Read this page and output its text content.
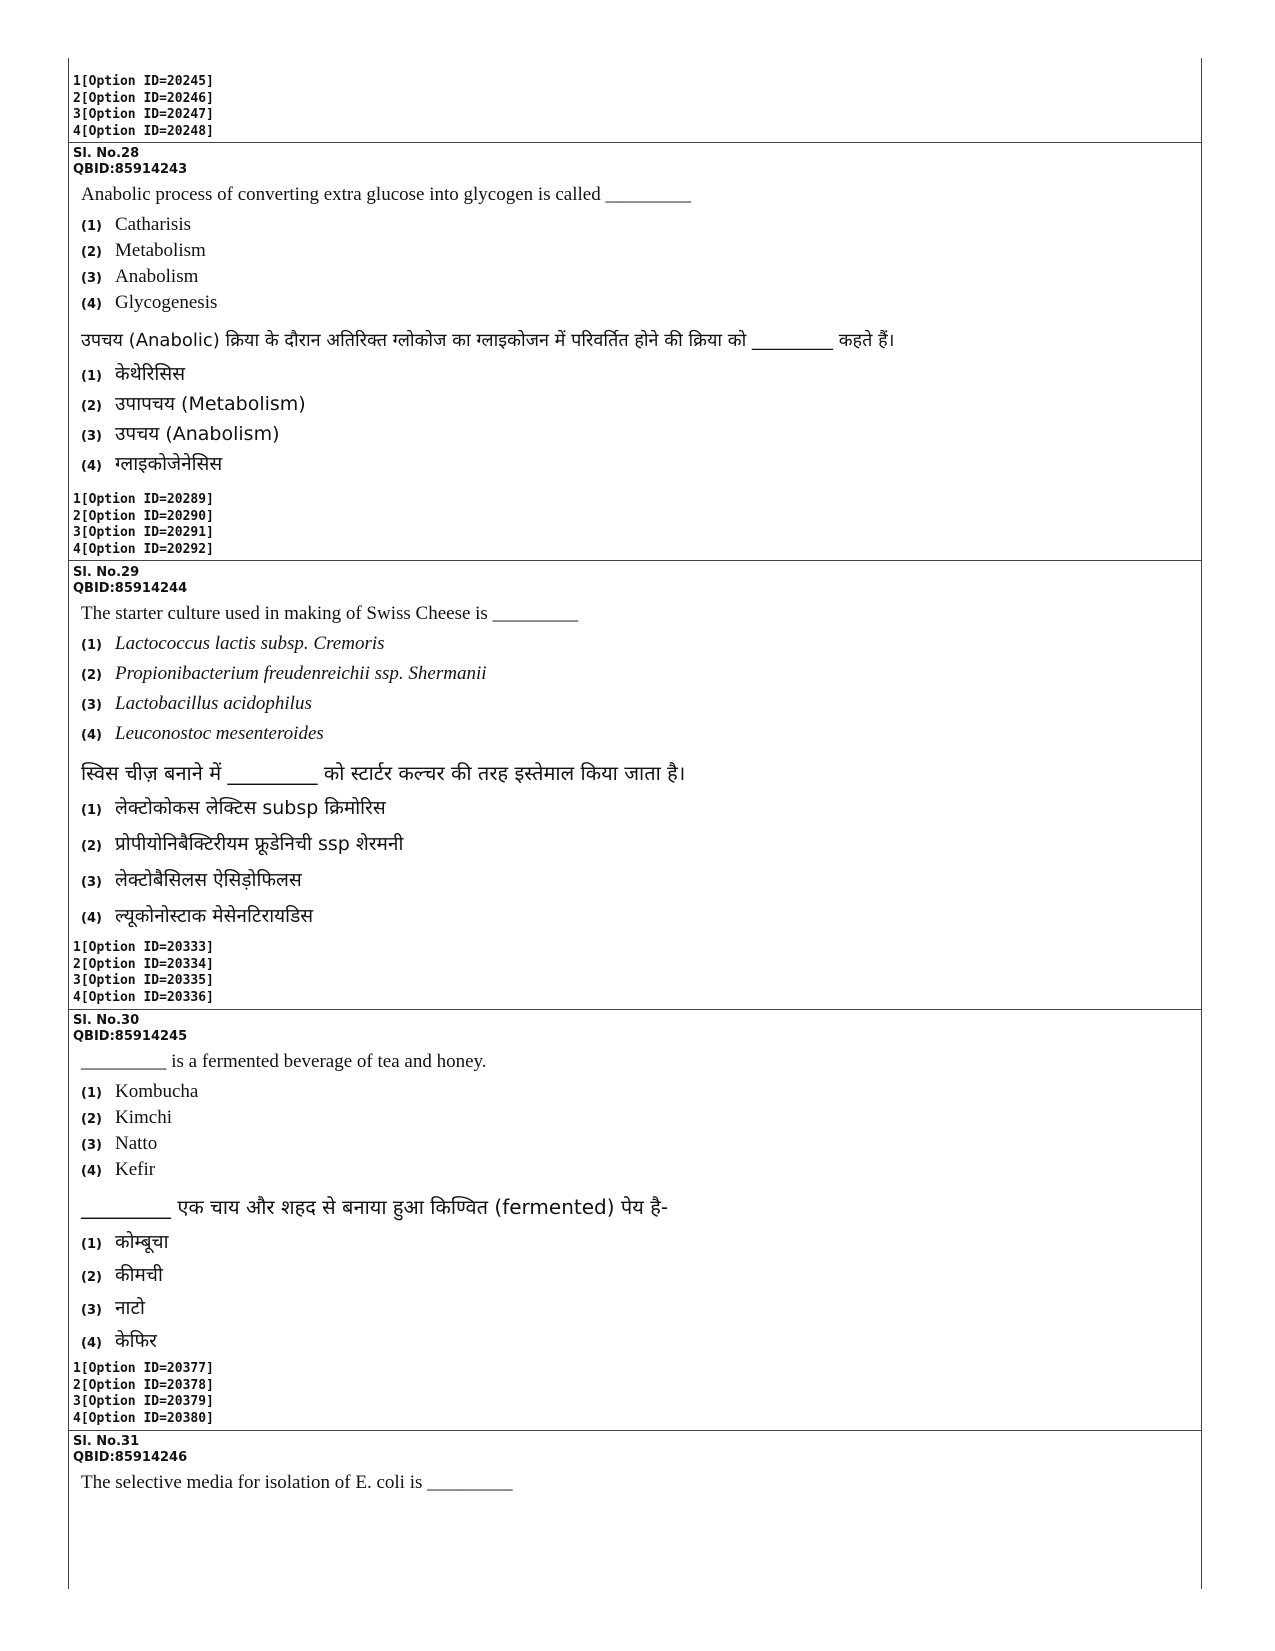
1[Option ID=20245]
2[Option ID=20246]
3[Option ID=20247]
4[Option ID=20248]
Sl. No.28
QBID:85914243
Anabolic process of converting extra glucose into glycogen is called _________
(1) Catharisis
(2) Metabolism
(3) Anabolism
(4) Glycogenesis
उपचय (Anabolic) क्रिया के दौरान अतिरिक्त ग्लोकोज का ग्लाइकोजन में परिवर्तित होने की क्रिया को _________ कहते हैं।
(1) केथेरिसिस
(2) उपापचय (Metabolism)
(3) उपचय (Anabolism)
(4) ग्लाइकोजेनेसिस
1[Option ID=20289]
2[Option ID=20290]
3[Option ID=20291]
4[Option ID=20292]
Sl. No.29
QBID:85914244
The starter culture used in making of Swiss Cheese is _________
(1) Lactococcus lactis subsp. Cremoris
(2) Propionibacterium freudenreichii ssp. Shermanii
(3) Lactobacillus acidophilus
(4) Leuconostoc mesenteroides
स्विस चीज़ बनाने में _________ को स्टार्टर कल्चर की तरह इस्तेमाल किया जाता है।
(1) लेक्टोकोकस लेक्टिस subsp क्रिमोरिस
(2) प्रोपीयोनिबैक्टिरीयम फ्रूडेनिची ssp शेरमनी
(3) लेक्टोबैसिलस ऐसिड़ोफिलस
(4) ल्यूकोनोस्टाक मेसेनटिरायडिस
1[Option ID=20333]
2[Option ID=20334]
3[Option ID=20335]
4[Option ID=20336]
Sl. No.30
QBID:85914245
_________ is a fermented beverage of tea and honey.
(1) Kombucha
(2) Kimchi
(3) Natto
(4) Kefir
_________ एक चाय और शहद से बनाया हुआ किण्वित (fermented) पेय है-
(1) कोम्बूचा
(2) कीमची
(3) नाटो
(4) केफिर
1[Option ID=20377]
2[Option ID=20378]
3[Option ID=20379]
4[Option ID=20380]
Sl. No.31
QBID:85914246
The selective media for isolation of E. coli is _________
